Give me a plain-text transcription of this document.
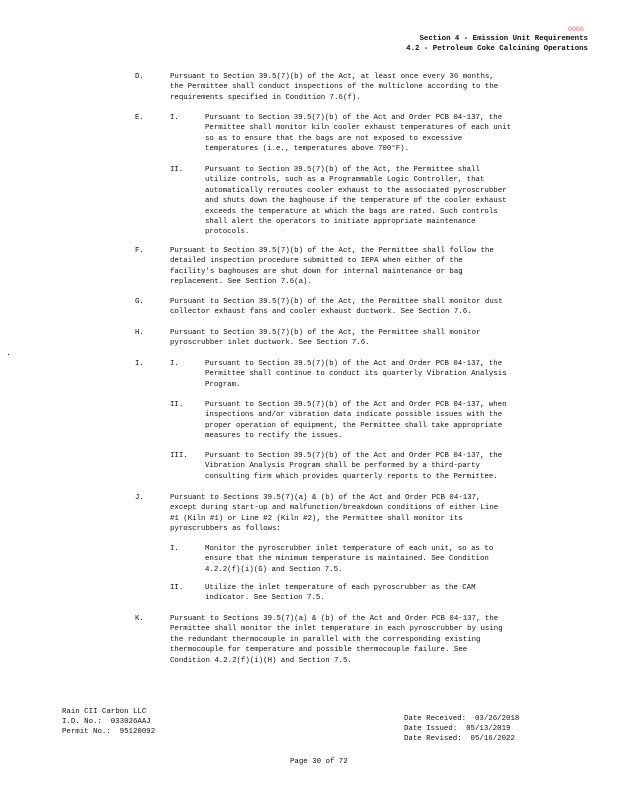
0000
Section 4 - Emission Unit Requirements
4.2 - Petroleum Coke Calcining Operations
D.	Pursuant to Section 39.5(7)(b) of the Act, at least once every 36 months,
the Permittee shall conduct inspections of the multiclone according to the
requirements specified in Condition 7.6(f).
E.	I.	Pursuant to Section 39.5(7)(b) of the Act and Order PCB 04-137, the
Permittee shall monitor kiln cooler exhaust temperatures of each unit
so as to ensure that the bags are not exposed to excessive
temperatures (i.e., temperatures above 700°F).
II.	Pursuant to Section 39.5(7)(b) of the Act, the Permittee shall
utilize controls, such as a Programmable Logic Controller, that
automatically reroutes cooler exhaust to the associated pyroscrubber
and shuts down the baghouse if the temperature of the cooler exhaust
exceeds the temperature at which the bags are rated. Such controls
shall alert the operators to initiate appropriate maintenance
protocols.
F.	Pursuant to Section 39.5(7)(b) of the Act, the Permittee shall follow the
detailed inspection procedure submitted to IEPA when either of the
facility's baghouses are shut down for internal maintenance or bag
replacement. See Section 7.6(a).
G.	Pursuant to Section 39.5(7)(b) of the Act, the Permittee shall monitor dust
collector exhaust fans and cooler exhaust ductwork. See Section 7.6.
H.	Pursuant to Section 39.5(7)(b) of the Act, the Permittee shall monitor
pyroscrubber inlet ductwork. See Section 7.6.
I.	I.	Pursuant to Section 39.5(7)(b) of the Act and Order PCB 04-137, the
Permittee shall continue to conduct its quarterly Vibration Analysis
Program.
II.	Pursuant to Section 39.5(7)(b) of the Act and Order PCB 04-137, when
inspections and/or vibration data indicate possible issues with the
proper operation of equipment, the Permittee shall take appropriate
measures to rectify the issues.
III. Pursuant to Section 39.5(7)(b) of the Act and Order PCB 04-137, the
Vibration Analysis Program shall be performed by a third-party
consulting firm which provides quarterly reports to the Permittee.
J.	Pursuant to Sections 39.5(7)(a) & (b) of the Act and Order PCB 04-137,
except during start-up and malfunction/breakdown conditions of either Line
#1 (Kiln #1) or Line #2 (Kiln #2), the Permittee shall monitor its
pyroscrubbers as follows:
I.	Monitor the pyroscrubber inlet temperature of each unit, so as to
ensure that the minimum temperature is maintained. See Condition
4.2.2(f)(i)(G) and Section 7.5.
II.	Utilize the inlet temperature of each pyroscrubber as the CAM
indicator. See Section 7.5.
K.	Pursuant to Sections 39.5(7)(a) & (b) of the Act and Order PCB 04-137, the
Permittee shall monitor the inlet temperature in each pyroscrubber by using
the redundant thermocouple in parallel with the corresponding existing
thermocouple for temperature and possible thermocouple failure. See
Condition 4.2.2(f)(i)(H) and Section 7.5.
Rain CII Carbon LLC
I.D. No.:  033026AAJ
Permit No.:  95120092
Date Received:  03/26/2018
Date Issued:  05/13/2019
Date Revised:  05/16/2022
Page 30 of 72
